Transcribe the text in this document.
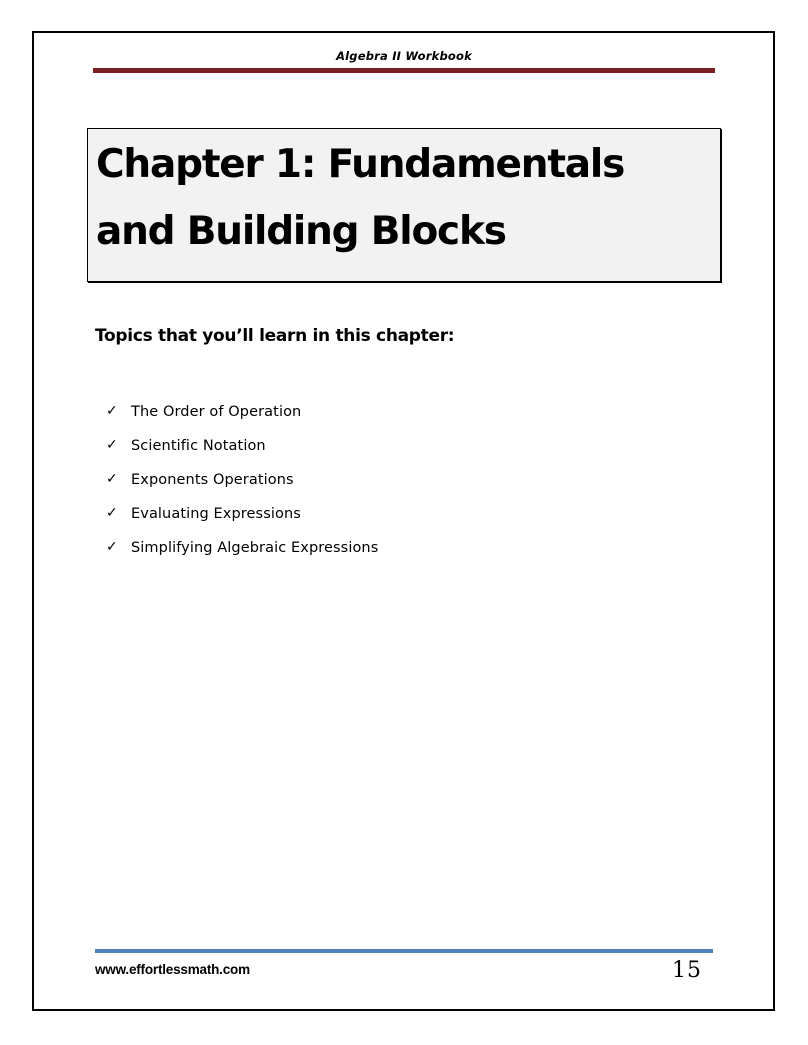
Algebra II Workbook
Chapter 1: Fundamentals and Building Blocks
Topics that you’ll learn in this chapter:
✓ The Order of Operation
✓ Scientific Notation
✓ Exponents Operations
✓ Evaluating Expressions
✓ Simplifying Algebraic Expressions
www.effortlessmath.com	15
